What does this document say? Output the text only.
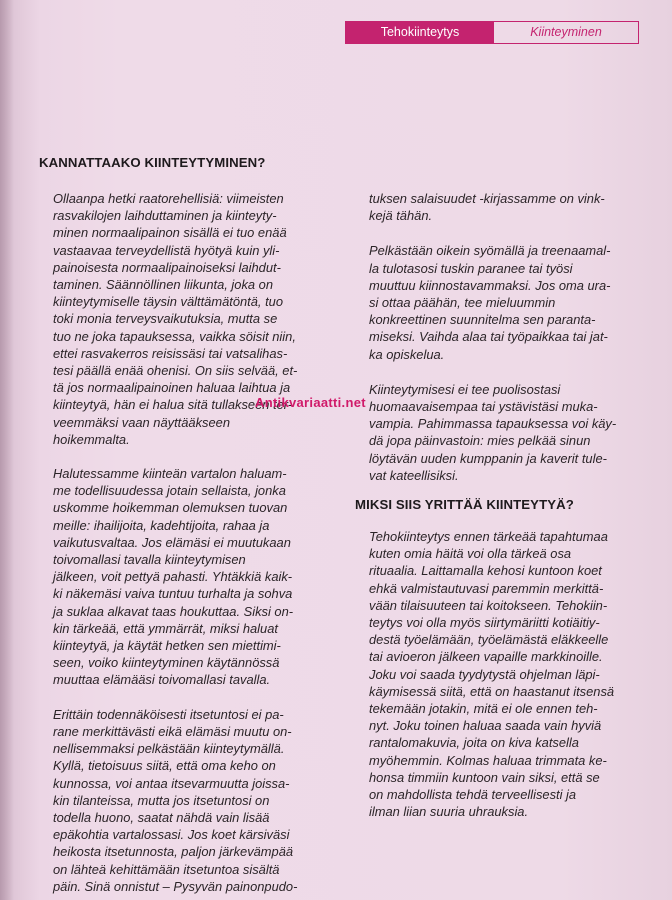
Tehokiinteytys	Kiinteyminen
KANNATTAAKO KIINTEYTYMINEN?

Ollaanpa hetki raatorehellisiä: viimeisten
rasvakilojen laihduttaminen ja kiinteyty-
minen normaalipainon sisällä ei tuo enää
vastaavaa terveydellistä hyötyä kuin yli-
painoisesta normaalipainoiseksi laihdut-
taminen. Säännöllinen liikunta, joka on
kiinteytymiselle täysin välttämätöntä, tuo
toki monia terveysvaikutuksia, mutta se
tuo ne joka tapauksessa, vaikka söisit niin,
ettei rasvakerros reisissäsi tai vatsalihas-
tesi päällä enää ohenisi. On siis selvää, et-
tä jos normaalipainoinen haluaa laihtua ja
kiinteytyä, hän ei halua sitä tullakseen ter-
veemmäksi vaan näyttääkseen
hoikemmalta.

Halutessamme kiinteän vartalon haluam-
me todellisuudessa jotain sellaista, jonka
uskomme hoikemman olemuksen tuovan
meille: ihailijoita, kadehtijoita, rahaa ja
vaikutusvaltaa. Jos elämäsi ei muutukaan
toivomallasi tavalla kiinteytymisen
jälkeen, voit pettyä pahasti. Yhtäkkiä kaik-
ki näkemäsi vaiva tuntuu turhalta ja sohva
ja suklaa alkavat taas houkuttaa. Siksi on-
kin tärkeää, että ymmärrät, miksi haluat
kiinteytyä, ja käytät hetken sen miettimi-
seen, voiko kiinteytyminen käytännössä
muuttaa elämääsi toivomallasi tavalla.

Erittäin todennäköisesti itsetuntosi ei pa-
rane merkittävästi eikä elämäsi muutu on-
nellisemmaksi pelkästään kiinteytymällä.
Kyllä, tietoisuus siitä, että oma keho on
kunnossa, voi antaa itsevarmuutta joissa-
kin tilanteissa, mutta jos itsetuntosi on
todella huono, saatat nähdä vain lisää
epäkohtia vartalossasi. Jos koet kärsiväsi
heikosta itsetunnosta, paljon järkevämpää
on lähteä kehittämään itsetuntoa sisältä
päin. Sinä onnistut – Pysyvän painonpudo-

tuksen salaisuudet -kirjassamme on vink-
kejä tähän.

Pelkästään oikein syömällä ja treenaamal-
la tulotasosi tuskin paranee tai työsi
muuttuu kiinnostavammaksi. Jos oma ura-
si ottaa päähän, tee mieluummin
konkreettinen suunnitelma sen paranta-
miseksi. Vaihda alaa tai työpaikkaa tai jat-
ka opiskelua.

Kiinteytymisesi ei tee puolisostasi
huomaavaisempaa tai ystävistäsi muka-
vampia. Pahimmassa tapauksessa voi käy-
dä jopa päinvastoin: mies pelkää sinun
löytävän uuden kumppanin ja kaverit tule-
vat kateellisiksi.

MIKSI SIIS YRITTÄÄ KIINTEYTYÄ?

Tehokiinteytys ennen tärkeää tapahtumaa
kuten omia häitä voi olla tärkeä osa
rituaalia. Laittamalla kehosi kuntoon koet
ehkä valmistautuvasi paremmin merkittä-
vään tilaisuuteen tai koitokseen. Tehokiin-
teytys voi olla myös siirtymäriitti kotiäitiy-
destä työelämään, työelämästä eläkkeelle
tai avioeron jälkeen vapaille markkinoille.
Joku voi saada tyydytystä ohjelman läpi-
käymisessä siitä, että on haastanut itsensä
tekemään jotakin, mitä ei ole ennen teh-
nyt. Joku toinen haluaa saada vain hyviä
rantalomakuvia, joita on kiva katsella
myöhemmin. Kolmas haluaa trimmata ke-
honsa timmiin kuntoon vain siksi, että se
on mahdollista tehdä terveellisesti ja
ilman liian suuria uhrauksia.

Antikvariaatti.net
